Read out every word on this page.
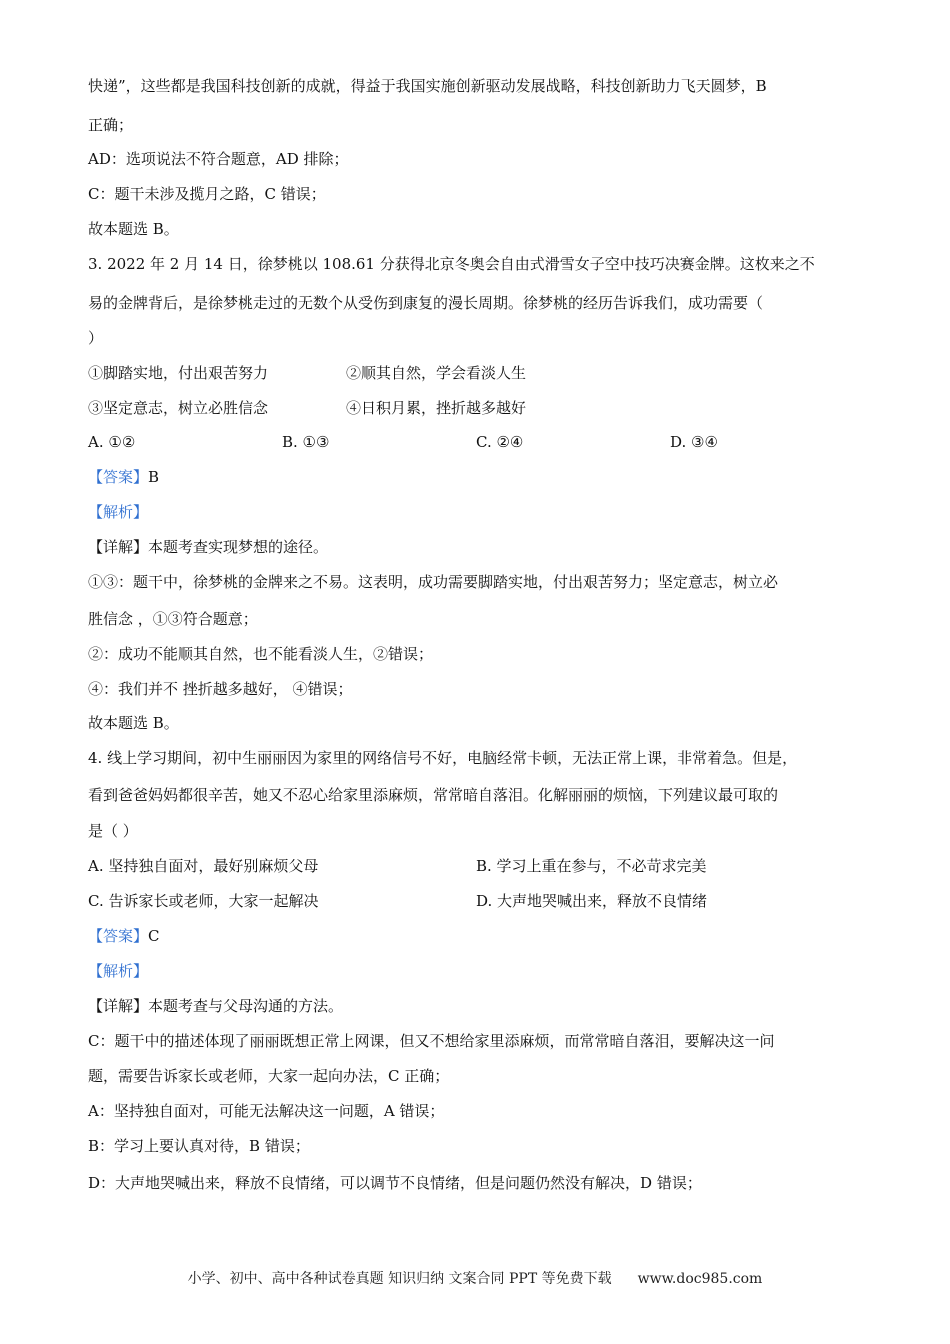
快递”，这些都是我国科技创新的成就，得益于我国实施创新驱动发展战略，科技创新助力飞天圆梦，B
正确；
AD：选项说法不符合题意，AD 排除；
C：题干未涉及揽月之路，C 错误；
故本题选 B。
3. 2022 年 2 月 14 日，徐梦桃以 108.61 分获得北京冬奥会自由式滑雪女子空中技巧决赛金牌。这枚来之不
易的金牌背后，是徐梦桃走过的无数个从受伤到康复的漫长周期。徐梦桃的经历告诉我们，成功需要（
）
①脚踏实地，付出艰苦努力	②顺其自然，学会看淡人生
③坚定意志，树立必胜信念	④日积月累，挫折越多越好
A. ①②	B. ①③	C. ②④	D. ③④
【答案】B
【解析】
【详解】本题考查实现梦想的途径。
①③：题干中，徐梦桃的金牌来之不易。这表明，成功需要脚踏实地，付出艰苦努力；坚定意志，树立必
胜信念 ，①③符合题意；
②：成功不能顺其自然，也不能看淡人生，②错误；
④：我们并不 挫折越多越好， ④错误；
故本题选 B。
4. 线上学习期间，初中生丽丽因为家里的网络信号不好，电脑经常卡顿，无法正常上课，非常着急。但是，
看到爸爸妈妈都很辛苦，她又不忍心给家里添麻烦，常常暗自落泪。化解丽丽的烦恼，下列建议最可取的
是（ ）
A. 坚持独自面对，最好别麻烦父母	B. 学习上重在参与，不必苛求完美
C. 告诉家长或老师，大家一起解决	D. 大声地哭喊出来，释放不良情绪
【答案】C
【解析】
【详解】本题考查与父母沟通的方法。
C：题干中的描述体现了丽丽既想正常上网课，但又不想给家里添麻烦，而常常暗自落泪，要解决这一问
题，需要告诉家长或老师，大家一起向办法，C 正确；
A：坚持独自面对，可能无法解决这一问题，A 错误；
B：学习上要认真对待，B 错误；
D：大声地哭喊出来，释放不良情绪，可以调节不良情绪，但是问题仍然没有解决，D 错误；
小学、初中、高中各种试卷真题 知识归纳 文案合同 PPT 等免费下载 www.doc985.com
